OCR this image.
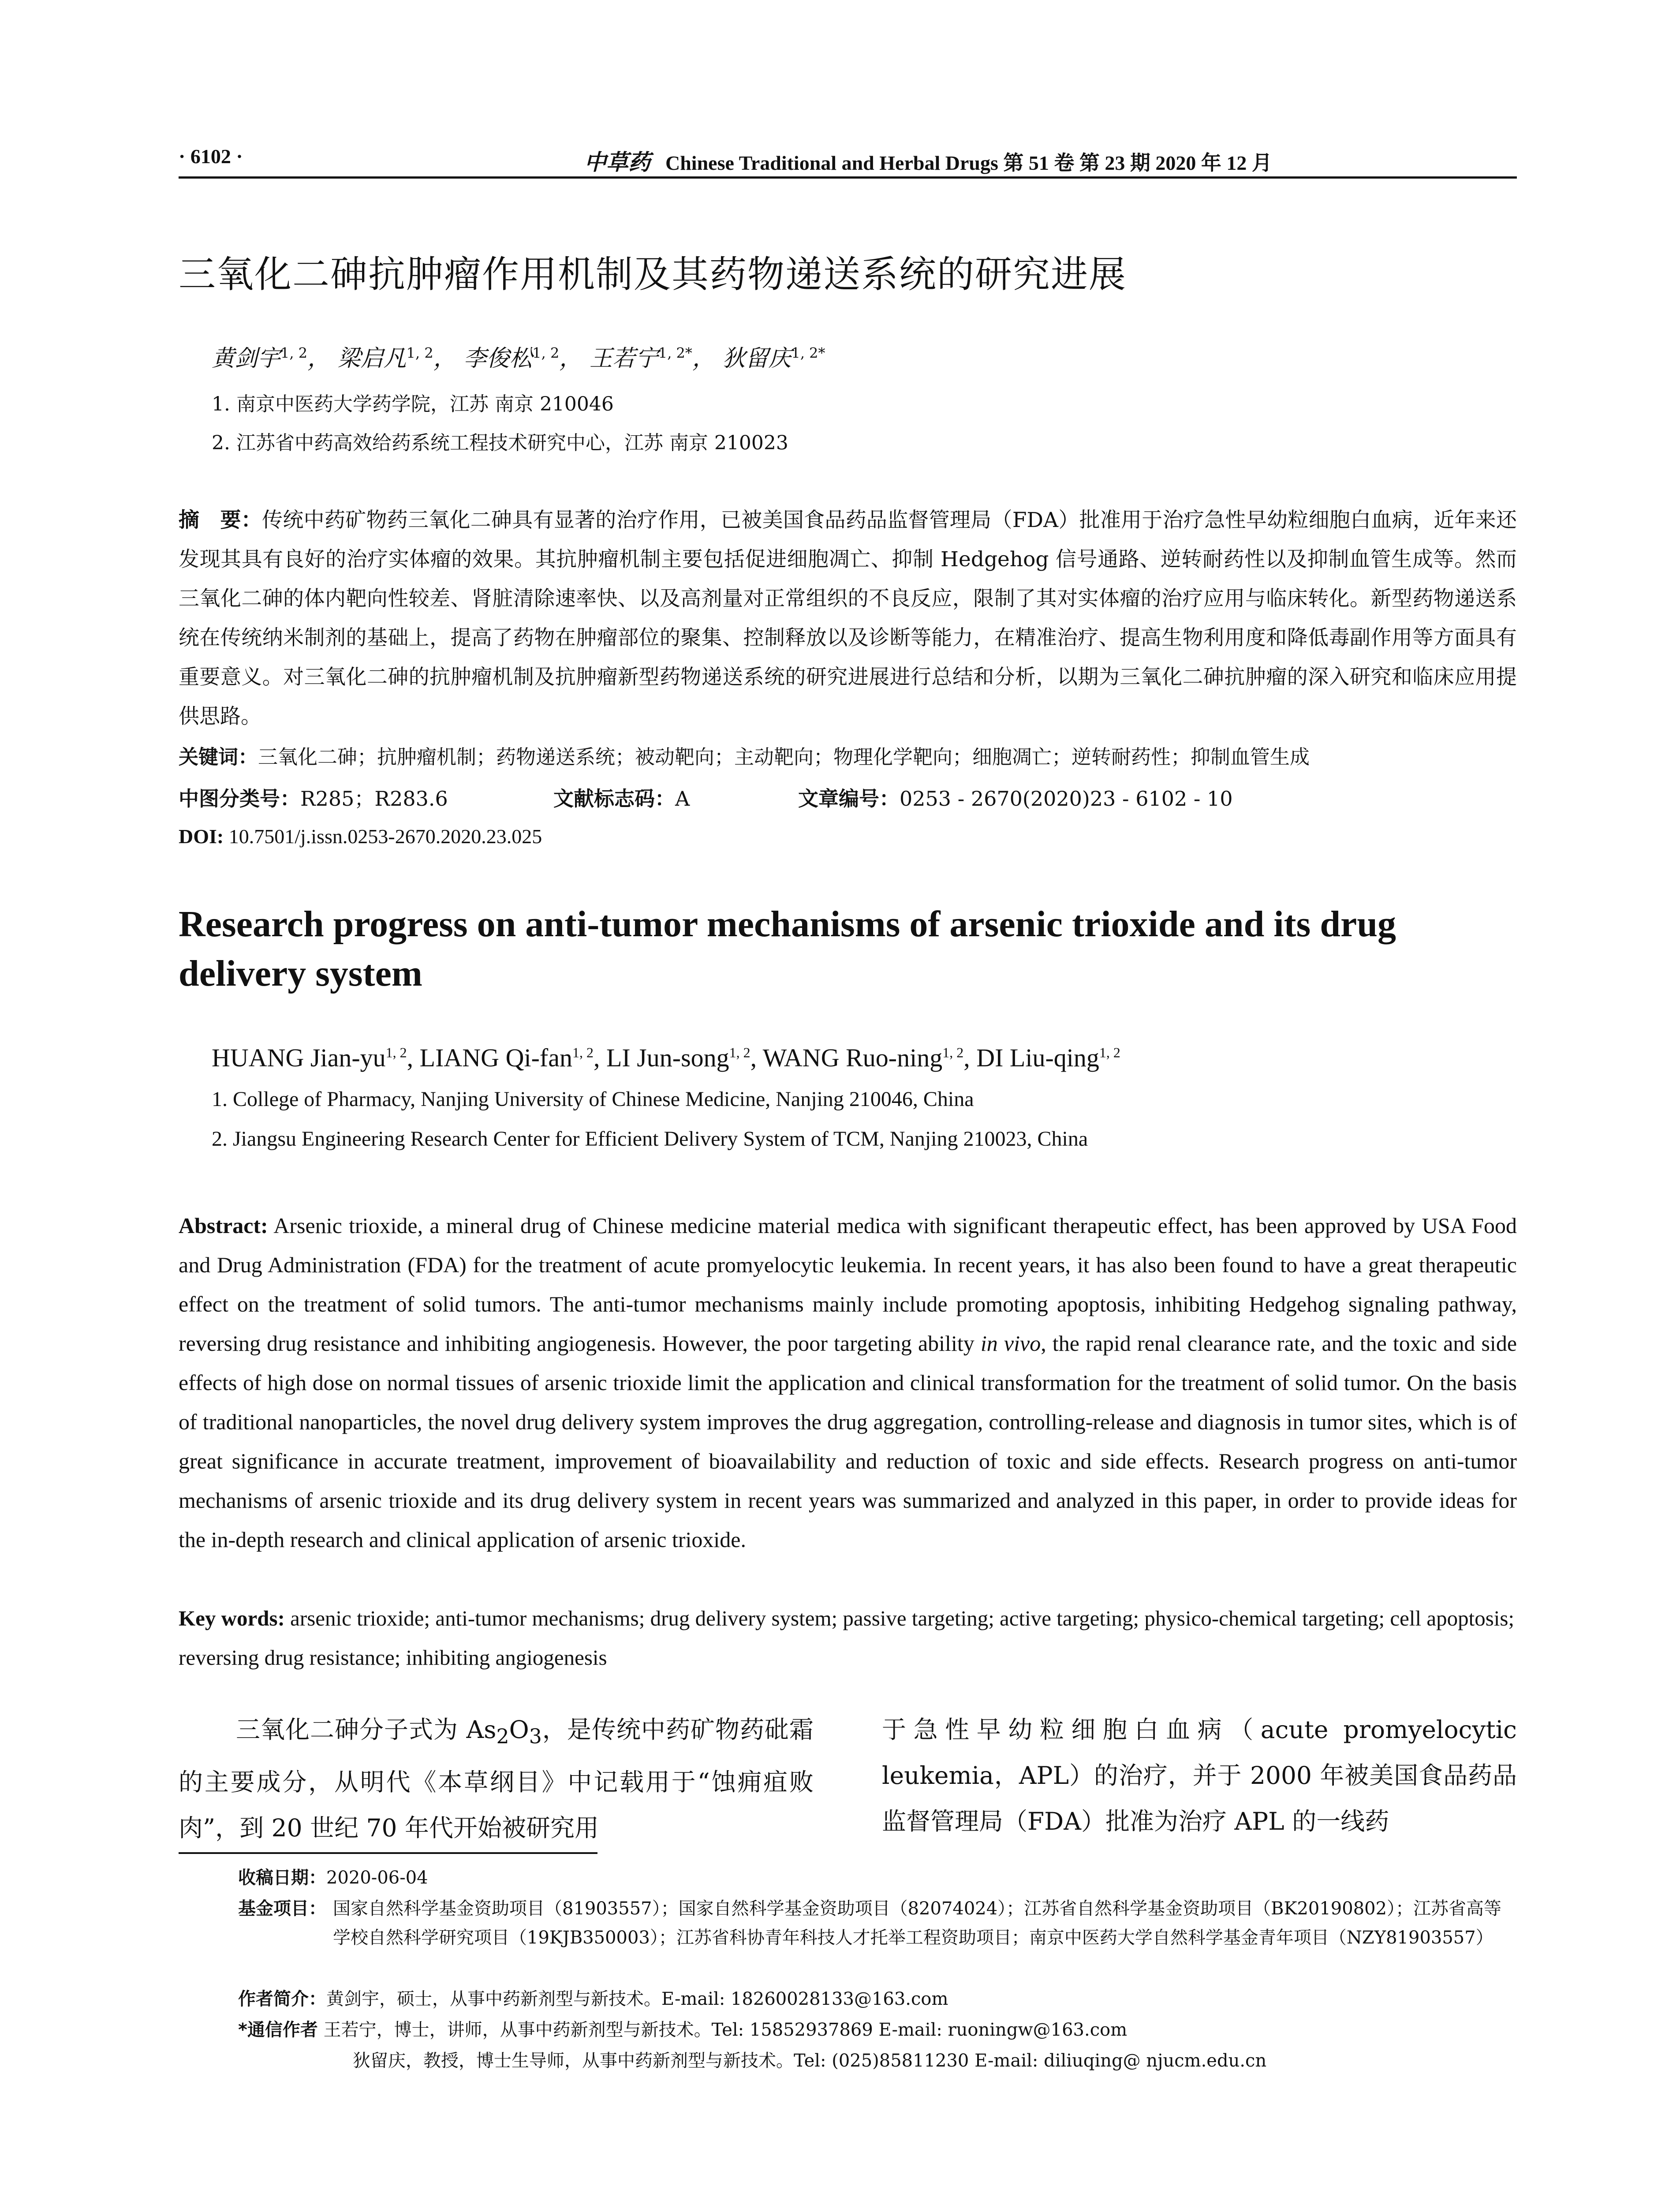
· 6102 ·	中草药 Chinese Traditional and Herbal Drugs 第 51 卷 第 23 期 2020 年 12 月
三氧化二砷抗肿瘤作用机制及其药物递送系统的研究进展
黄剑宇$^{1, 2}$， 梁启凡$^{1, 2}$， 李俊松$^{1, 2}$， 王若宁$^{1, 2*}$， 狄留庆$^{1, 2*}$
1. 南京中医药大学药学院，江苏 南京 210046
2. 江苏省中药高效给药系统工程技术研究中心，江苏 南京 210023
摘　要：传统中药矿物药三氧化二砷具有显著的治疗作用，已被美国食品药品监督管理局（FDA）批准用于治疗急性早幼粒细胞白血病，近年来还发现其具有良好的治疗实体瘤的效果。其抗肿瘤机制主要包括促进细胞凋亡、抑制 Hedgehog 信号通路、逆转耐药性以及抑制血管生成等。然而三氧化二砷的体内靶向性较差、肾脏清除速率快、以及高剂量对正常组织的不良反应，限制了其对实体瘤的治疗应用与临床转化。新型药物递送系统在传统纳米制剂的基础上，提高了药物在肿瘤部位的聚集、控制释放以及诊断等能力，在精准治疗、提高生物利用度和降低毒副作用等方面具有重要意义。对三氧化二砷的抗肿瘤机制及抗肿瘤新型药物递送系统的研究进展进行总结和分析，以期为三氧化二砷抗肿瘤的深入研究和临床应用提供思路。
关键词：三氧化二砷；抗肿瘤机制；药物递送系统；被动靶向；主动靶向；物理化学靶向；细胞凋亡；逆转耐药性；抑制血管生成
中图分类号：R285；R283.6	文献标志码：A	文章编号：0253 - 2670(2020)23 - 6102 - 10
DOI: 10.7501/j.issn.0253-2670.2020.23.025
Research progress on anti-tumor mechanisms of arsenic trioxide and its drug delivery system
HUANG Jian-yu$^{1, 2}$, LIANG Qi-fan$^{1, 2}$, LI Jun-song$^{1, 2}$, WANG Ruo-ning$^{1, 2}$, DI Liu-qing$^{1, 2}$
1. College of Pharmacy, Nanjing University of Chinese Medicine, Nanjing 210046, China
2. Jiangsu Engineering Research Center for Efficient Delivery System of TCM, Nanjing 210023, China
Abstract: Arsenic trioxide, a mineral drug of Chinese medicine material medica with significant therapeutic effect, has been approved by USA Food and Drug Administration (FDA) for the treatment of acute promyelocytic leukemia. In recent years, it has also been found to have a great therapeutic effect on the treatment of solid tumors. The anti-tumor mechanisms mainly include promoting apoptosis, inhibiting Hedgehog signaling pathway, reversing drug resistance and inhibiting angiogenesis. However, the poor targeting ability in vivo, the rapid renal clearance rate, and the toxic and side effects of high dose on normal tissues of arsenic trioxide limit the application and clinical transformation for the treatment of solid tumor. On the basis of traditional nanoparticles, the novel drug delivery system improves the drug aggregation, controlling-release and diagnosis in tumor sites, which is of great significance in accurate treatment, improvement of bioavailability and reduction of toxic and side effects. Research progress on anti-tumor mechanisms of arsenic trioxide and its drug delivery system in recent years was summarized and analyzed in this paper, in order to provide ideas for the in-depth research and clinical application of arsenic trioxide.
Key words: arsenic trioxide; anti-tumor mechanisms; drug delivery system; passive targeting; active targeting; physico-chemical targeting; cell apoptosis; reversing drug resistance; inhibiting angiogenesis
三氧化二砷分子式为 $As_2O_3$，是传统中药矿物药砒霜的主要成分，从明代《本草纲目》中记载用于“蚀痈疽败肉”，到 20 世纪 70 年代开始被研究用
于急性早幼粒细胞白血病（acute promyelocytic leukemia，APL）的治疗，并于 2000 年被美国食品药品监督管理局（FDA）批准为治疗 APL 的一线药
收稿日期：2020-06-04
基金项目： 国家自然科学基金资助项目（81903557）；国家自然科学基金资助项目（82074024）；江苏省自然科学基金资助项目（BK20190802）；江苏省高等学校自然科学研究项目（19KJB350003）；江苏省科协青年科技人才托举工程资助项目；南京中医药大学自然科学基金青年项目（NZY81903557）
作者简介：黄剑宇，硕士，从事中药新剂型与新技术。E-mail: 18260028133@163.com
*通信作者 王若宁，博士，讲师，从事中药新剂型与新技术。Tel: 15852937869 E-mail: ruoningw@163.com
狄留庆，教授，博士生导师，从事中药新剂型与新技术。Tel: (025)85811230 E-mail: diliuqing@ njucm.edu.cn
